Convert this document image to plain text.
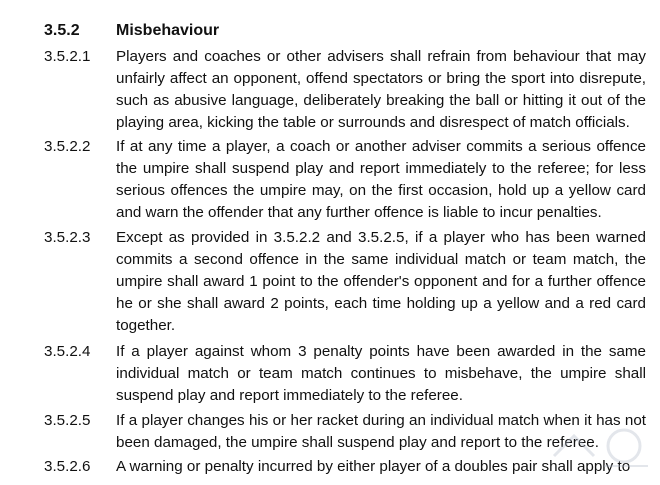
3.5.2 Misbehaviour
3.5.2.1 Players and coaches or other advisers shall refrain from behaviour that may unfairly affect an opponent, offend spectators or bring the sport into disrepute, such as abusive language, deliberately breaking the ball or hitting it out of the playing area, kicking the table or surrounds and disrespect of match officials.
3.5.2.2 If at any time a player, a coach or another adviser commits a serious offence the umpire shall suspend play and report immediately to the referee; for less serious offences the umpire may, on the first occasion, hold up a yellow card and warn the offender that any further offence is liable to incur penalties.
3.5.2.3 Except as provided in 3.5.2.2 and 3.5.2.5, if a player who has been warned commits a second offence in the same individual match or team match, the umpire shall award 1 point to the offender's opponent and for a further offence he or she shall award 2 points, each time holding up a yellow and a red card together.
3.5.2.4 If a player against whom 3 penalty points have been awarded in the same individual match or team match continues to misbehave, the umpire shall suspend play and report immediately to the referee.
3.5.2.5 If a player changes his or her racket during an individual match when it has not been damaged, the umpire shall suspend play and report to the referee.
3.5.2.6 A warning or penalty incurred by either player of a doubles pair shall apply to
